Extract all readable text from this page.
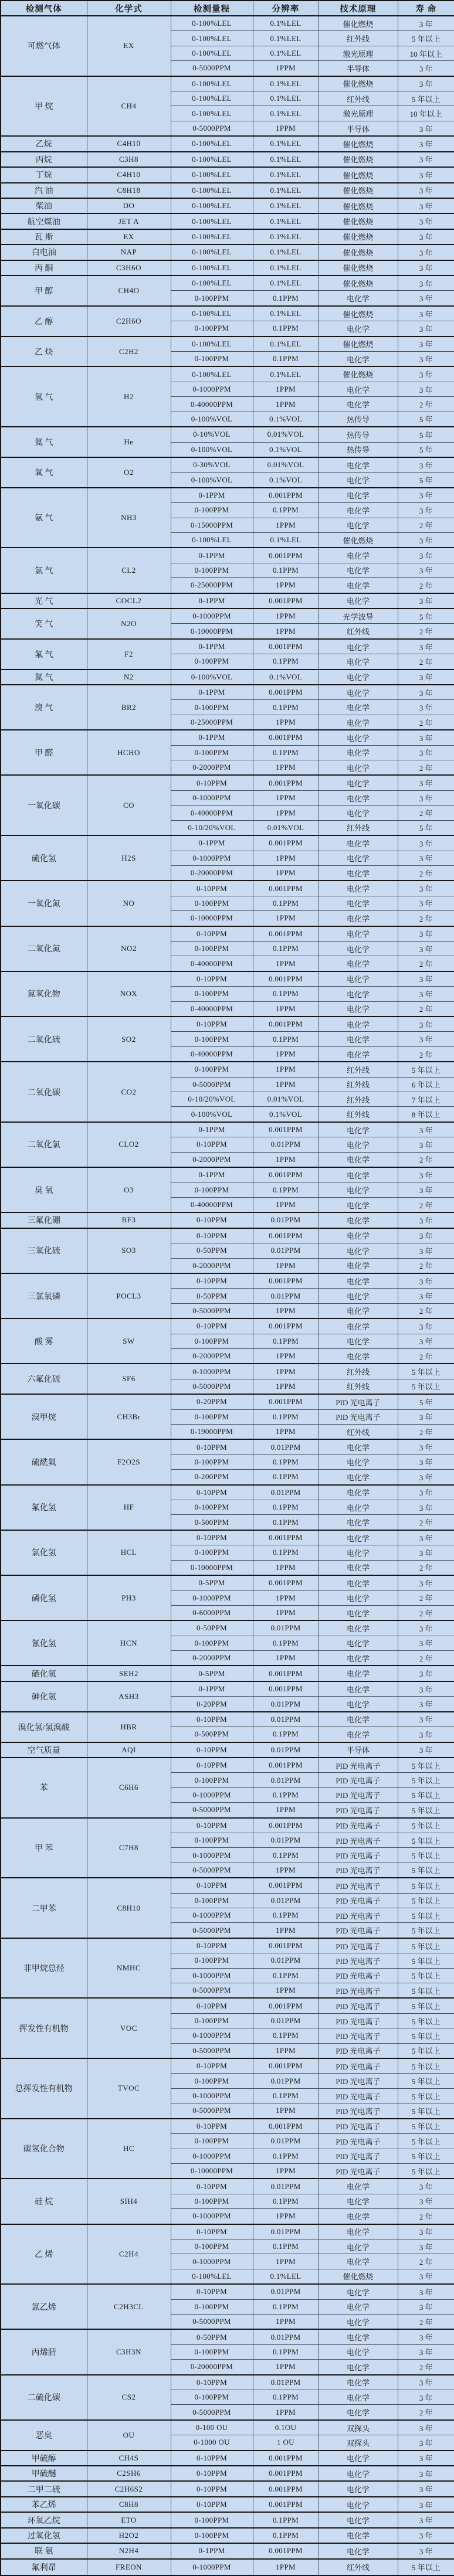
检测气体	化学式	检测量程	分辨率	技术原理	寿 命
可燃气体	EX	0-100%LEL	0.1%LEL	催化燃烧	3 年
		0-100%LEL	0.1%LEL	红外线	5 年以上
		0-100%LEL	0.1%LEL	激光原理	10 年以上
		0-5000PPM	1PPM	半导体	3 年
甲 烷	CH4	0-100%LEL	0.1%LEL	催化燃烧	3 年
		0-100%LEL	0.1%LEL	红外线	5 年以上
		0-100%LEL	0.1%LEL	激光原理	10 年以上
		0-5000PPM	1PPM	半导体	3 年
乙烷	C4H10	0-100%LEL	0.1%LEL	催化燃烧	3 年
丙烷	C3H8	0-100%LEL	0.1%LEL	催化燃烧	3 年
丁烷	C4H10	0-100%LEL	0.1%LEL	催化燃烧	3 年
汽 油	C8H18	0-100%LEL	0.1%LEL	催化燃烧	3 年
柴油	DO	0-100%LEL	0.1%LEL	催化燃烧	3 年
航空煤油	JET A	0-100%LEL	0.1%LEL	催化燃烧	3 年
瓦 斯	EX	0-100%LEL	0.1%LEL	催化燃烧	3 年
白电油	NAP	0-100%LEL	0.1%LEL	催化燃烧	3 年
丙 酮	C3H6O	0-100%LEL	0.1%LEL	催化燃烧	3 年
甲 醇	CH4O	0-100%LEL	0.1%LEL	催化燃烧	3 年
		0-100PPM	0.1PPM	电化学	3 年
乙 醇	C2H6O	0-100%LEL	0.1%LEL	催化燃烧	3 年
		0-100PPM	0.1PPM	电化学	3 年
乙 炔	C2H2	0-100%LEL	0.1%LEL	催化燃烧	3 年
		0-100PPM	0.1PPM	电化学	3 年
氢 气	H2	0-100%LEL	0.1%LEL	催化燃烧	3 年
		0-1000PPM	1PPM	电化学	3 年
		0-40000PPM	1PPM	电化学	2 年
		0-100%VOL	0.1%VOL	热传导	5 年
氦 气	He	0-10%VOL	0.01%VOL	热传导	5 年
		0-100%VOL	0.1%VOL	热传导	5 年
氧 气	O2	0-30%VOL	0.01%VOL	电化学	3 年
		0-100%VOL	0.1%VOL	电化学	5 年
氨 气	NH3	0-1PPM	0.001PPM	电化学	3 年
		0-100PPM	0.1PPM	电化学	3 年
		0-15000PPM	1PPM	电化学	2 年
		0-100%LEL	0.1%LEL	催化燃烧	3 年
氯 气	CL2	0-1PPM	0.001PPM	电化学	3 年
		0-100PPM	0.1PPM	电化学	3 年
		0-25000PPM	1PPM	电化学	2 年
光 气	COCL2	0-1PPM	0.001PPM	电化学	3 年
笑 气	N2O	0-1000PPM	1PPM	光学波导	5 年
		0-10000PPM	1PPM	红外线	2 年
氟 气	F2	0-1PPM	0.001PPM	电化学	3 年
		0-100PPM	0.1PPM	电化学	2 年
氮 气	N2	0-100%VOL	0.1%VOL	电化学	3 年
溴 气	BR2	0-1PPM	0.001PPM	电化学	3 年
		0-100PPM	0.1PPM	电化学	3 年
		0-25000PPM	1PPM	电化学	2 年
甲 醛	HCHO	0-1PPM	0.001PPM	电化学	3 年
		0-100PPM	0.1PPM	电化学	3 年
		0-2000PPM	1PPM	电化学	2 年
一氧化碳	CO	0-10PPM	0.001PPM	电化学	3 年
		0-1000PPM	1PPM	电化学	3 年
		0-40000PPM	1PPM	电化学	2 年
		0-10/20%VOL	0.01%VOL	红外线	5 年
硫化氢	H2S	0-1PPM	0.001PPM	电化学	3 年
		0-1000PPM	1PPM	电化学	3 年
		0-20000PPM	1PPM	电化学	2 年
一氧化氮	NO	0-10PPM	0.001PPM	电化学	3 年
		0-100PPM	0.1PPM	电化学	3 年
		0-10000PPM	1PPM	电化学	2 年
二氧化氮	NO2	0-10PPM	0.001PPM	电化学	3 年
		0-100PPM	0.1PPM	电化学	3 年
		0-40000PPM	1PPM	电化学	2 年
氮氧化物	NOX	0-10PPM	0.001PPM	电化学	3 年
		0-100PPM	0.1PPM	电化学	3 年
		0-40000PPM	1PPM	电化学	2 年
二氧化硫	SO2	0-10PPM	0.001PPM	电化学	3 年
		0-100PPM	0.1PPM	电化学	3 年
		0-40000PPM	1PPM	电化学	2 年
二氧化碳	CO2	0-100PPM	1PPM	红外线	5 年以上
		0-5000PPM	1PPM	红外线	6 年以上
		0-10/20%VOL	0.01%VOL	红外线	7 年以上
		0-100%VOL	0.1%VOL	红外线	8 年以上
二氧化氯	CLO2	0-1PPM	0.001PPM	电化学	3 年
		0-10PPM	0.01PPM	电化学	3 年
		0-2000PPM	1PPM	电化学	2 年
臭 氧	O3	0-1PPM	0.001PPM	电化学	3 年
		0-100PPM	0.1PPM	电化学	3 年
		0-40000PPM	1PPM	电化学	2 年
三氟化硼	BF3	0-10PPM	0.01PPM	电化学	3 年
三氧化硫	SO3	0-10PPM	0.001PPM	电化学	3 年
		0-50PPM	0.01PPM	电化学	3 年
		0-2000PPM	1PPM	电化学	2 年
三氯氧磷	POCL3	0-10PPM	0.001PPM	电化学	3 年
		0-50PPM	0.01PPM	电化学	3 年
		0-5000PPM	1PPM	电化学	2 年
酸 雾	SW	0-10PPM	0.001PPM	电化学	3 年
		0-100PPM	0.1PPM	电化学	3 年
		0-2000PPM	1PPM	电化学	2 年
六氟化硫	SF6	0-1000PPM	1PPM	红外线	5 年以上
		0-5000PPM	1PPM	红外线	5 年以上
溴甲烷	CH3Br	0-20PPM	0.001PPM	PID 光电离子	5 年
		0-100PPM	0.1PPM	PID 光电离子	3 年
		0-19000PPM	1PPM	红外线	2 年
硫酰氟	F2O2S	0-10PPM	0.01PPM	电化学	3 年
		0-100PPM	0.1PPM	电化学	3 年
		0-200PPM	0.1PPM	电化学	3 年
氟化氢	HF	0-10PPM	0.01PPM	电化学	3 年
		0-100PPM	0.1PPM	电化学	3 年
		0-500PPM	0.1PPM	电化学	2 年
氯化氢	HCL	0-10PPM	0.001PPM	电化学	3 年
		0-100PPM	0.1PPM	电化学	3 年
		0-10000PPM	1PPM	电化学	2 年
磷化氢	PH3	0-5PPM	0.001PPM	电化学	3 年
		0-1000PPM	1PPM	电化学	2 年
		0-6000PPM	1PPM	电化学	2 年
氰化氢	HCN	0-50PPM	0.01PPM	电化学	3 年
		0-100PPM	0.1PPM	电化学	3 年
		0-2000PPM	1PPM	电化学	2 年
硒化氢	SEH2	0-5PPM	0.001PPM	电化学	3 年
砷化氢	ASH3	0-1PPM	0.001PPM	电化学	3 年
		0-20PPM	0.01PPM	电化学	3 年
溴化氢/氢溴酸	HBR	0-10PPM	0.01PPM	电化学	3 年
		0-500PPM	0.1PPM	电化学	3 年
空气质量	AQI	0-10PPM	0.01PPM	半导体	3 年
苯	C6H6	0-10PPM	0.001PPM	PID 光电离子	5 年以上
		0-100PPM	0.01PPM	PID 光电离子	5 年以上
		0-1000PPM	0.1PPM	PID 光电离子	5 年以上
		0-5000PPM	1PPM	PID 光电离子	5 年以上
甲 苯	C7H8	0-10PPM	0.001PPM	PID 光电离子	5 年以上
		0-100PPM	0.01PPM	PID 光电离子	5 年以上
		0-1000PPM	0.1PPM	PID 光电离子	5 年以上
		0-5000PPM	1PPM	PID 光电离子	5 年以上
二甲苯	C8H10	0-10PPM	0.001PPM	PID 光电离子	5 年以上
		0-100PPM	0.01PPM	PID 光电离子	5 年以上
		0-1000PPM	0.1PPM	PID 光电离子	5 年以上
		0-5000PPM	1PPM	PID 光电离子	5 年以上
非甲烷总烃	NMHC	0-10PPM	0.001PPM	PID 光电离子	5 年以上
		0-100PPM	0.01PPM	PID 光电离子	5 年以上
		0-1000PPM	0.1PPM	PID 光电离子	5 年以上
		0-5000PPM	1PPM	PID 光电离子	5 年以上
挥发性有机物	VOC	0-10PPM	0.001PPM	PID 光电离子	5 年以上
		0-100PPM	0.01PPM	PID 光电离子	5 年以上
		0-1000PPM	0.1PPM	PID 光电离子	5 年以上
		0-5000PPM	1PPM	PID 光电离子	5 年以上
总挥发性有机物	TVOC	0-10PPM	0.001PPM	PID 光电离子	5 年以上
		0-100PPM	0.01PPM	PID 光电离子	5 年以上
		0-1000PPM	0.1PPM	PID 光电离子	5 年以上
		0-5000PPM	1PPM	PID 光电离子	5 年以上
碳氢化合物	HC	0-10PPM	0.001PPM	PID 光电离子	5 年以上
		0-100PPM	0.01PPM	PID 光电离子	5 年以上
		0-1000PPM	0.1PPM	PID 光电离子	5 年以上
		0-10000PPM	1PPM	PID 光电离子	5 年以上
硅 烷	SIH4	0-10PPM	0.01PPM	电化学	3 年
		0-100PPM	0.1PPM	电化学	3 年
		0-1000PPM	1PPM	电化学	2 年
乙 烯	C2H4	0-10PPM	0.01PPM	电化学	3 年
		0-100PPM	0.1PPM	电化学	3 年
		0-1000PPM	1PPM	电化学	2 年
		0-100%LEL	0.1%LEL	催化燃烧	3 年
氯乙烯	C2H3CL	0-10PPM	0.01PPM	电化学	3 年
		0-100PPM	0.1PPM	电化学	3 年
		0-5000PPM	1PPM	电化学	2 年
丙烯腈	C3H3N	0-50PPM	0.01PPM	电化学	3 年
		0-100PPM	0.1PPM	电化学	3 年
		0-20000PPM	1PPM	电化学	2 年
二硫化碳	CS2	0-10PPM	0.01PPM	电化学	3 年
		0-100PPM	0.1PPM	电化学	3 年
		0-5000PPM	1PPM	电化学	2 年
恶臭	OU	0-100 OU	0.1OU	双探头	3 年
		0-1000 OU	1 OU	双探头	3 年
甲硫醇	CH4S	0-10PPM	0.001PPM	电化学	3 年
甲硫醚	C2SH6	0-10PPM	0.001PPM	电化学	3 年
二甲二硫	C2H6S2	0-10PPM	0.001PPM	电化学	3 年
苯乙烯	C8H8	0-10PPM	0.001PPM	电化学	3 年
环氧乙烷	ETO	0-100PPM	0.1PPM	电化学	3 年
过氧化氢	H2O2	0-100PPM	0.1PPM	电化学	3 年
联 氨	N2H4	0-1PPM	0.001PPM	电化学	3 年
氟利昂	FREON	0-1000PPM	1PPM	红外线	5 年以上
